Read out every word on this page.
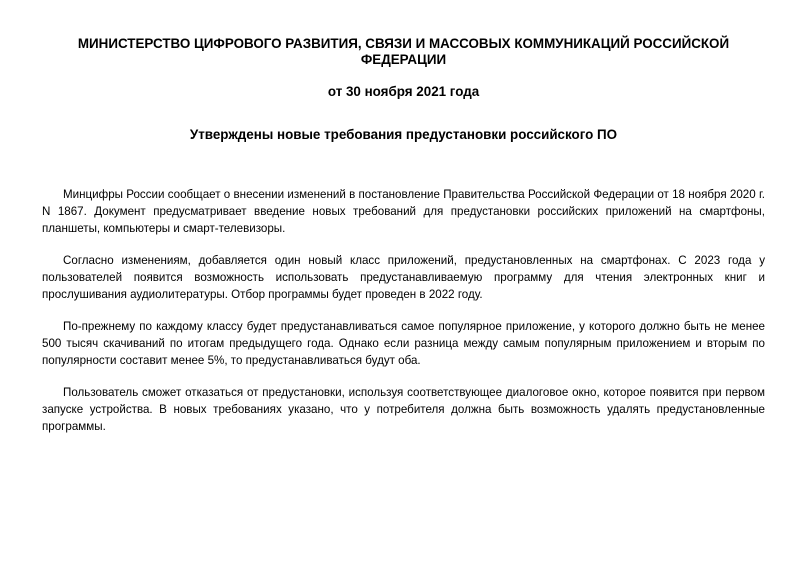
МИНИСТЕРСТВО ЦИФРОВОГО РАЗВИТИЯ, СВЯЗИ И МАССОВЫХ КОММУНИКАЦИЙ РОССИЙСКОЙ ФЕДЕРАЦИИ
от 30 ноября 2021 года
Утверждены новые требования предустановки российского ПО

Минцифры России сообщает о внесении изменений в постановление Правительства Российской Федерации от 18 ноября 2020 г. N 1867. Документ предусматривает введение новых требований для предустановки российских приложений на смартфоны, планшеты, компьютеры и смарт-телевизоры.

Согласно изменениям, добавляется один новый класс приложений, предустановленных на смартфонах. С 2023 года у пользователей появится возможность использовать предустанавливаемую программу для чтения электронных книг и прослушивания аудиолитературы. Отбор программы будет проведен в 2022 году.

По-прежнему по каждому классу будет предустанавливаться самое популярное приложение, у которого должно быть не менее 500 тысяч скачиваний по итогам предыдущего года. Однако если разница между самым популярным приложением и вторым по популярности составит менее 5%, то предустанавливаться будут оба.

Пользователь сможет отказаться от предустановки, используя соответствующее диалоговое окно, которое появится при первом запуске устройства. В новых требованиях указано, что у потребителя должна быть возможность удалять предустановленные программы.
